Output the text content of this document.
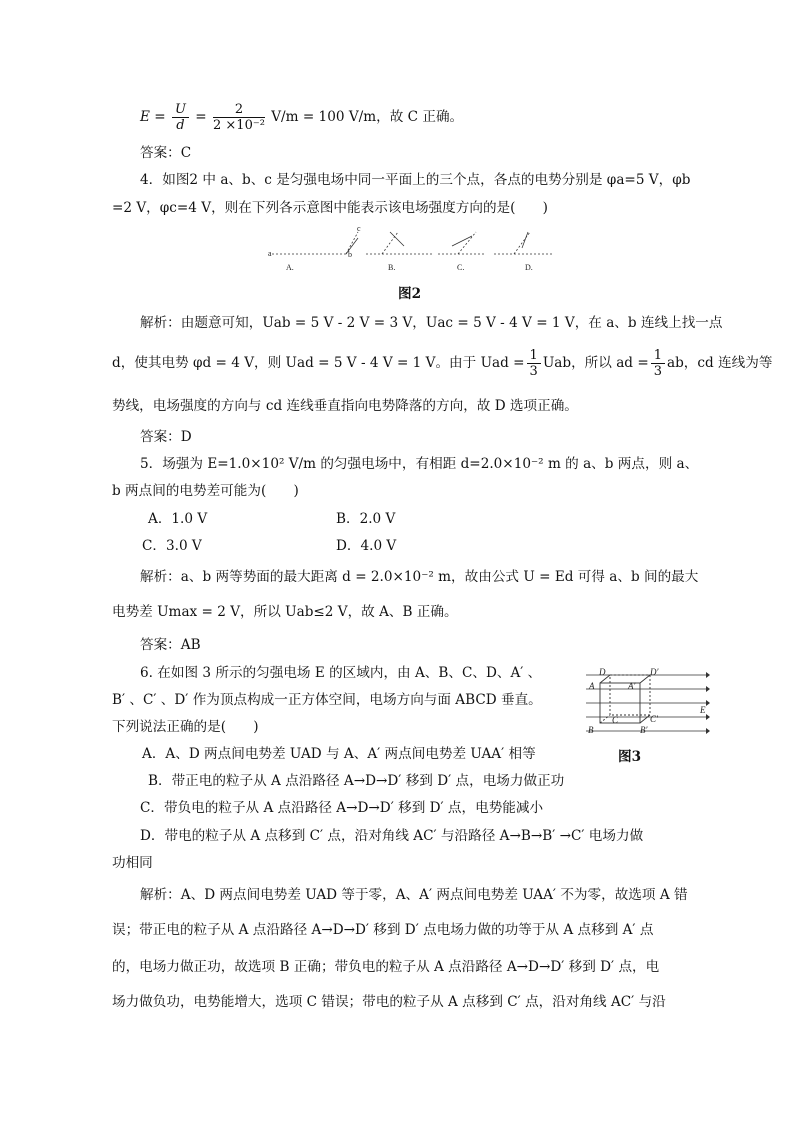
$E = \frac{U}{d} = \frac{2}{\text{2 ×10⁻²}} V/m = 100$ V/m，故 C 正确。
答案：C
4．如图2 中 a、b、c 是匀强电场中同一平面上的三个点，各点的电势分别是 φa=5 V，φb
=2 V，φc=4 V，则在下列各示意图中能表示该电场强度方向的是(　　)
a	b
c
A.	B.	C.	D.
图2
解析：由题意可知，Uab = 5 V - 2 V = 3 V，Uac = 5 V - 4 V = 1 V，在 a、b 连线上找一点
d，使其电势 φd = 4 V，则 Uad = 5 V - 4 V = 1 V。由于 Uad = $\frac{1}{3}$ Uab，所以 ad = $\frac{1}{3}$ ab，cd 连线为等
势线，电场强度的方向与 cd 连线垂直指向电势降落的方向，故 D 选项正确。
答案：D
5．场强为 E=1.0×10² V/m 的匀强电场中，有相距 d=2.0×10⁻² m 的 a、b 两点，则 a、
b 两点间的电势差可能为(　　)
A．1.0 V	B．2.0 V
C．3.0 V	D．4.0 V
解析：a、b 两等势面的最大距离 d = 2.0×10⁻² m，故由公式 U = Ed 可得 a、b 间的最大
电势差 Umax = 2 V，所以 Uab≤2 V，故 A、B 正确。
答案：AB
6. 在如图 3 所示的匀强电场 E 的区域内，由 A、B、C、D、A′ 、
B′ 、C′ 、D′ 作为顶点构成一正方体空间，电场方向与面 ABCD 垂直。
下列说法正确的是(　　)
D	D′
A	A′
C	C′
B	B′
E
图3
A．A、D 两点间电势差 UAD 与 A、A′ 两点间电势差 UAA′ 相等
B．带正电的粒子从 A 点沿路径 A→D→D′ 移到 D′ 点，电场力做正功
C．带负电的粒子从 A 点沿路径 A→D→D′ 移到 D′ 点，电势能减小
D．带电的粒子从 A 点移到 C′ 点，沿对角线 AC′ 与沿路径 A→B→B′ →C′ 电场力做
功相同
解析：A、D 两点间电势差 UAD 等于零，A、A′ 两点间电势差 UAA′ 不为零，故选项 A 错
误；带正电的粒子从 A 点沿路径 A→D→D′ 移到 D′ 点电场力做的功等于从 A 点移到 A′ 点
的，电场力做正功，故选项 B 正确；带负电的粒子从 A 点沿路径 A→D→D′ 移到 D′ 点，电
场力做负功，电势能增大，选项 C 错误；带电的粒子从 A 点移到 C′ 点，沿对角线 AC′ 与沿
